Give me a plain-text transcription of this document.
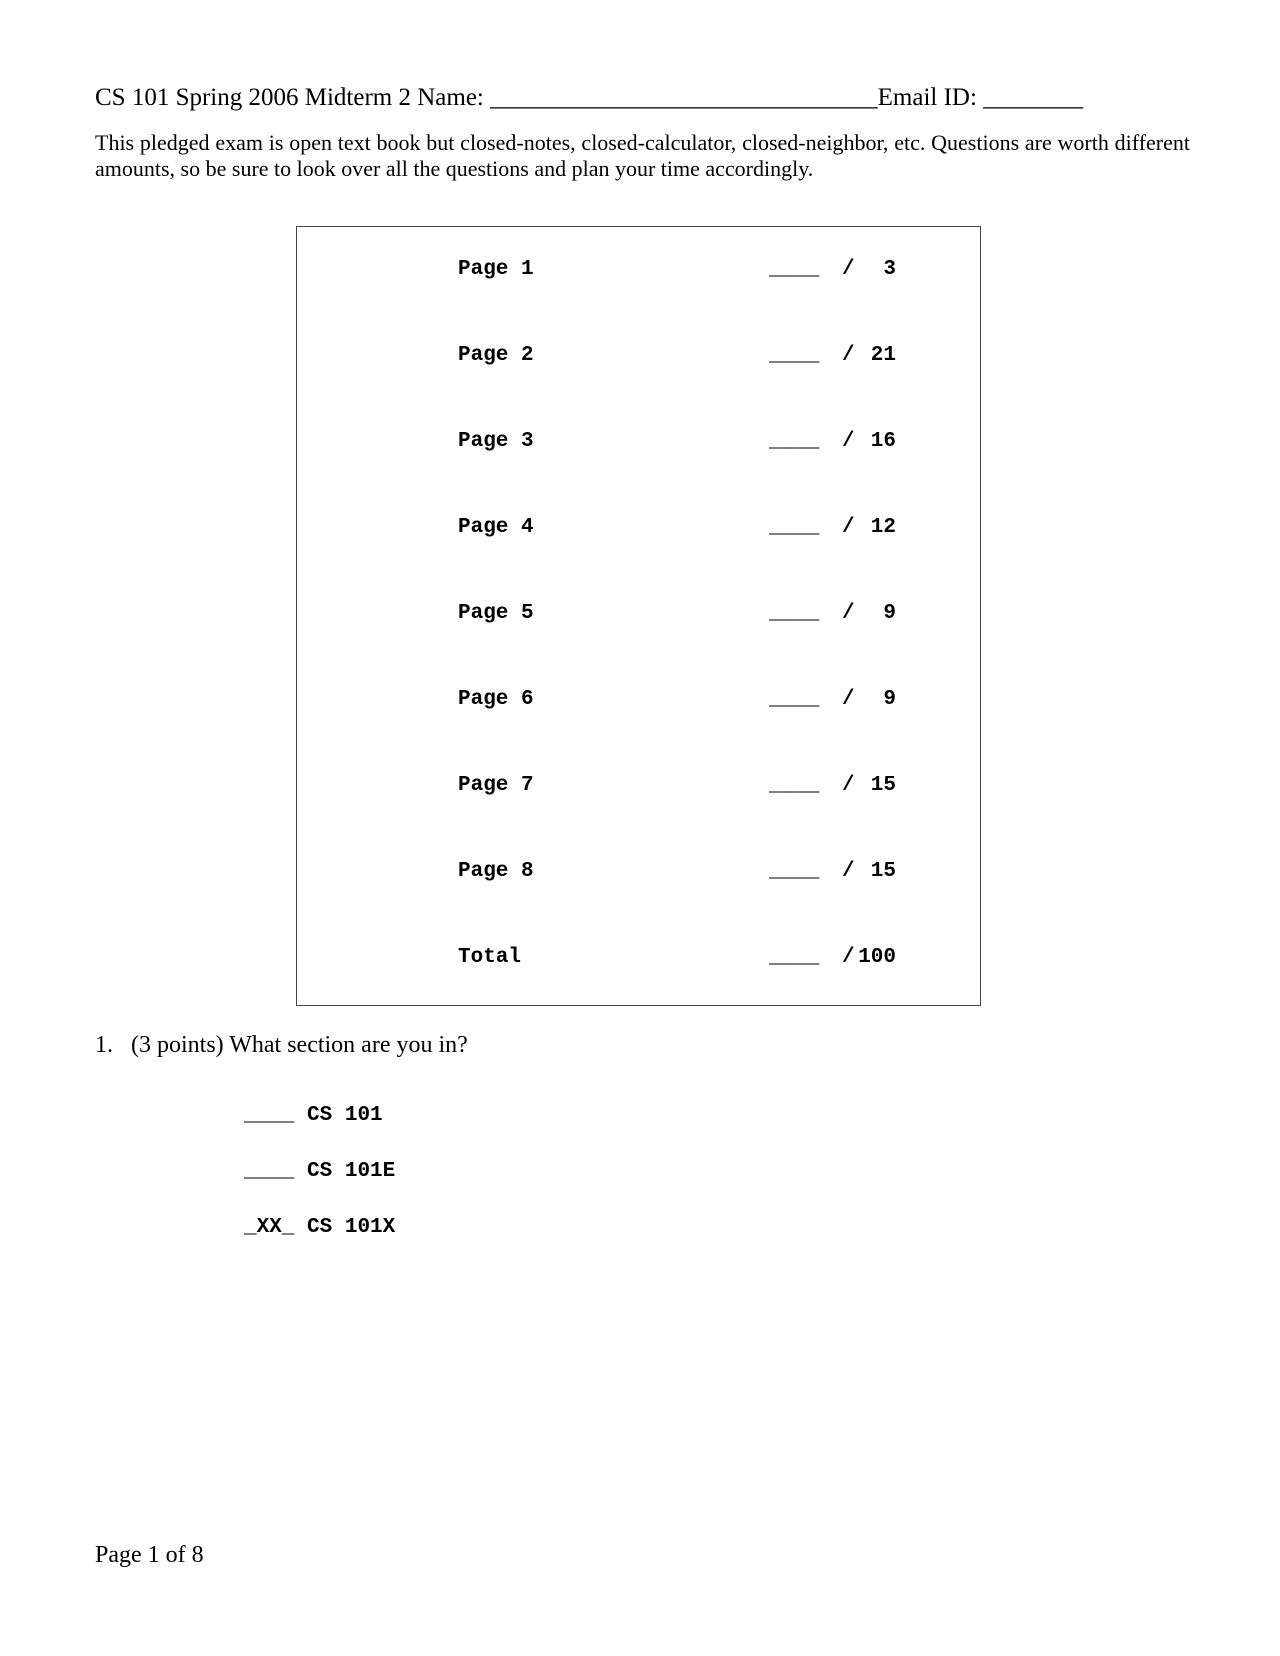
CS 101 Spring 2006 Midterm 2 Name: _______________________________Email ID: ________
This pledged exam is open text book but closed-notes, closed-calculator, closed-neighbor, etc. Questions are worth different amounts, so be sure to look over all the questions and plan your time accordingly.
Page 1	____ /	3
Page 2	____ / 21
Page 3	____ / 16
Page 4	____ / 12
Page 5	____ /	9
Page 6	____ /	9
Page 7	____ / 15
Page 8	____ / 15
Total	____ / 100
1.   (3 points) What section are you in?
____ CS 101
____ CS 101E
_XX_ CS 101X
Page 1 of 8
